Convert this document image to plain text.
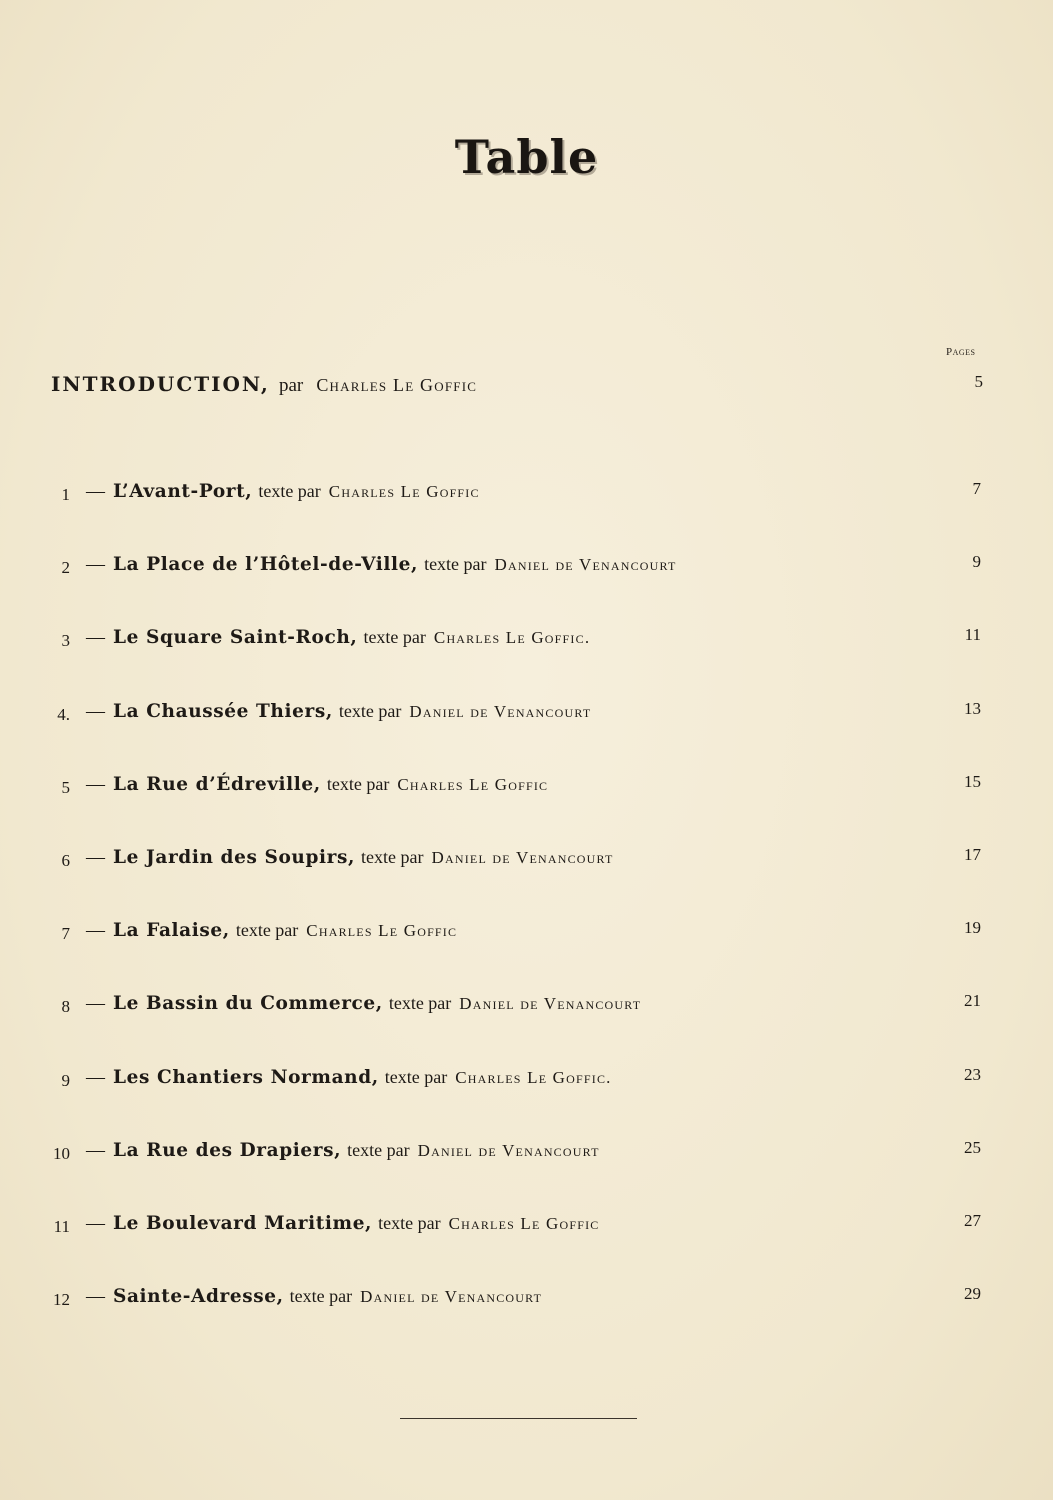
Table
Pages
INTRODUCTION, par Charles Le Goffic	5
1 — L’Avant-Port, texte par Charles Le Goffic	7
2 — La Place de l’Hôtel-de-Ville, texte par Daniel de Venancourt	9
3 — Le Square Saint-Roch, texte par Charles Le Goffic.	11
4. — La Chaussée Thiers, texte par Daniel de Venancourt	13
5 — La Rue d’Édreville, texte par Charles Le Goffic	15
6 — Le Jardin des Soupirs, texte par Daniel de Venancourt	17
7 — La Falaise, texte par Charles Le Goffic	19
8 — Le Bassin du Commerce, texte par Daniel de Venancourt	21
9 — Les Chantiers Normand, texte par Charles Le Goffic.	23
10 — La Rue des Drapiers, texte par Daniel de Venancourt	25
11 — Le Boulevard Maritime, texte par Charles Le Goffic	27
12 — Sainte-Adresse, texte par Daniel de Venancourt	29
